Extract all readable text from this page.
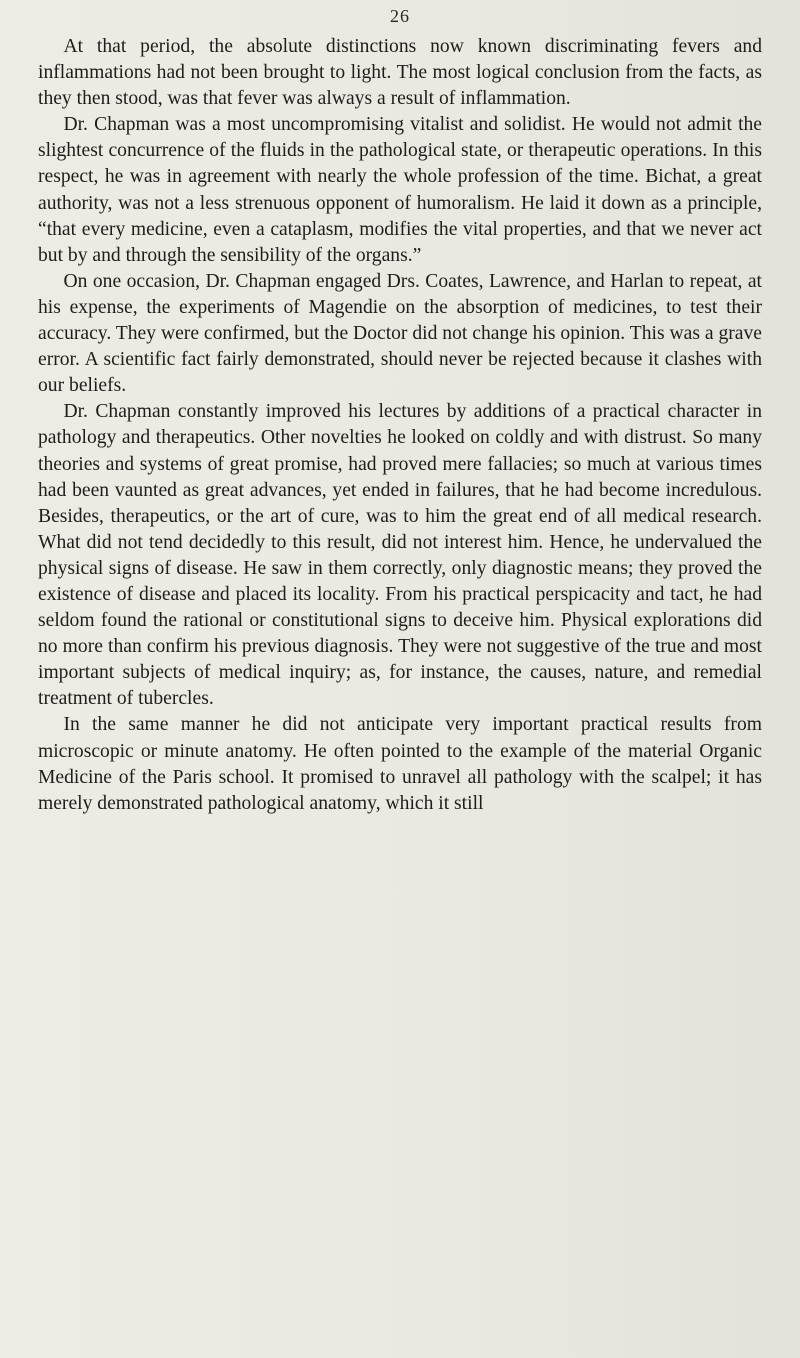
26

At that period, the absolute distinctions now known discriminating fevers and inflammations had not been brought to light. The most logical conclusion from the facts, as they then stood, was that fever was always a result of inflammation.

Dr. Chapman was a most uncompromising vitalist and solidist. He would not admit the slightest concurrence of the fluids in the pathological state, or therapeutic operations. In this respect, he was in agreement with nearly the whole profession of the time. Bichat, a great authority, was not a less strenuous opponent of humoralism. He laid it down as a principle, “that every medicine, even a cataplasm, modifies the vital properties, and that we never act but by and through the sensibility of the organs.”

On one occasion, Dr. Chapman engaged Drs. Coates, Lawrence, and Harlan to repeat, at his expense, the experiments of Magendie on the absorption of medicines, to test their accuracy. They were confirmed, but the Doctor did not change his opinion. This was a grave error. A scientific fact fairly demonstrated, should never be rejected because it clashes with our beliefs.

Dr. Chapman constantly improved his lectures by additions of a practical character in pathology and therapeutics. Other novelties he looked on coldly and with distrust. So many theories and systems of great promise, had proved mere fallacies; so much at various times had been vaunted as great advances, yet ended in failures, that he had become incredulous. Besides, therapeutics, or the art of cure, was to him the great end of all medical research. What did not tend decidedly to this result, did not interest him. Hence, he undervalued the physical signs of disease. He saw in them correctly, only diagnostic means; they proved the existence of disease and placed its locality. From his practical perspicacity and tact, he had seldom found the rational or constitutional signs to deceive him. Physical explorations did no more than confirm his previous diagnosis. They were not suggestive of the true and most important subjects of medical inquiry; as, for instance, the causes, nature, and remedial treatment of tubercles.

In the same manner he did not anticipate very important practical results from microscopic or minute anatomy. He often pointed to the example of the material Organic Medicine of the Paris school. It promised to unravel all pathology with the scalpel; it has merely demonstrated pathological anatomy, which it still
